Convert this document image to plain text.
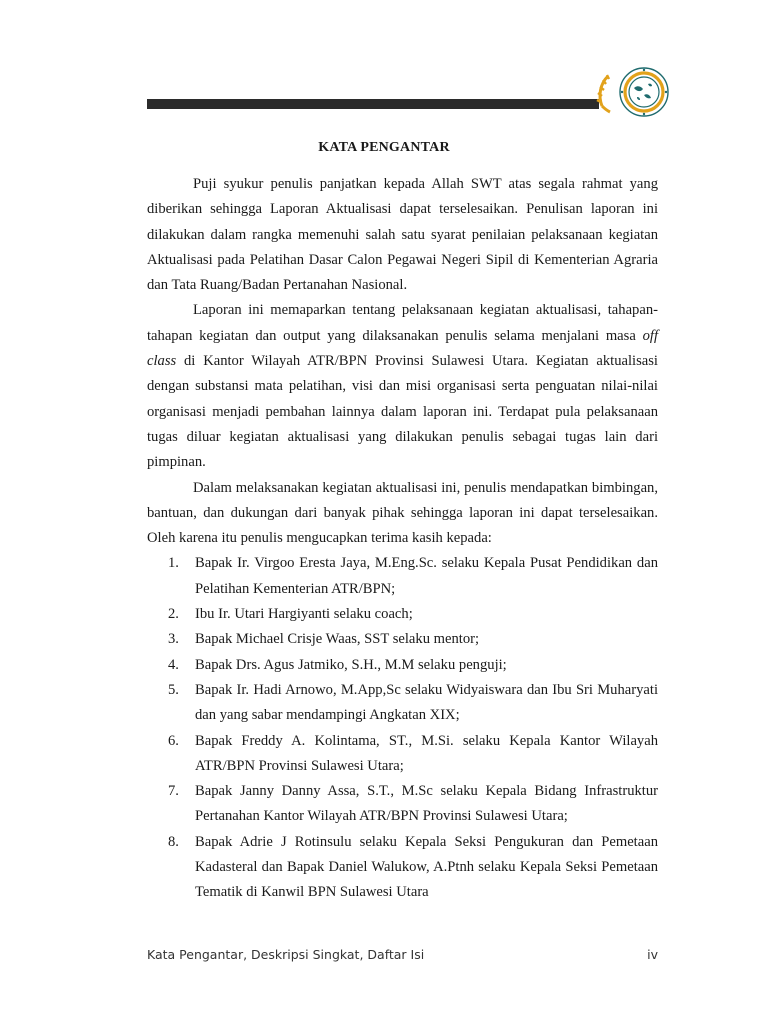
KATA PENGANTAR

Puji syukur penulis panjatkan kepada Allah SWT atas segala rahmat yang diberikan sehingga Laporan Aktualisasi dapat terselesaikan. Penulisan laporan ini dilakukan dalam rangka memenuhi salah satu syarat penilaian pelaksanaan kegiatan Aktualisasi pada Pelatihan Dasar Calon Pegawai Negeri Sipil di Kementerian Agraria dan Tata Ruang/Badan Pertanahan Nasional.

Laporan ini memaparkan tentang pelaksanaan kegiatan aktualisasi, tahapan-tahapan kegiatan dan output yang dilaksanakan penulis selama menjalani masa off class di Kantor Wilayah ATR/BPN Provinsi Sulawesi Utara. Kegiatan aktualisasi dengan substansi mata pelatihan, visi dan misi organisasi serta penguatan nilai-nilai organisasi menjadi pembahan lainnya dalam laporan ini. Terdapat pula pelaksanaan tugas diluar kegiatan aktualisasi yang dilakukan penulis sebagai tugas lain dari pimpinan.

Dalam melaksanakan kegiatan aktualisasi ini, penulis mendapatkan bimbingan, bantuan, dan dukungan dari banyak pihak sehingga laporan ini dapat terselesaikan. Oleh karena itu penulis mengucapkan terima kasih kepada:

1. Bapak Ir. Virgoo Eresta Jaya, M.Eng.Sc. selaku Kepala Pusat Pendidikan dan Pelatihan Kementerian ATR/BPN;
2. Ibu Ir. Utari Hargiyanti selaku coach;
3. Bapak Michael Crisje Waas, SST selaku mentor;
4. Bapak Drs. Agus Jatmiko, S.H., M.M selaku penguji;
5. Bapak Ir. Hadi Arnowo, M.App,Sc selaku Widyaiswara dan Ibu Sri Muharyati dan yang sabar mendampingi Angkatan XIX;
6. Bapak Freddy A. Kolintama, ST., M.Si. selaku Kepala Kantor Wilayah ATR/BPN Provinsi Sulawesi Utara;
7. Bapak Janny Danny Assa, S.T., M.Sc selaku Kepala Bidang Infrastruktur Pertanahan Kantor Wilayah ATR/BPN Provinsi Sulawesi Utara;
8. Bapak Adrie J Rotinsulu selaku Kepala Seksi Pengukuran dan Pemetaan Kadasteral dan Bapak Daniel Walukow, A.Ptnh selaku Kepala Seksi Pemetaan Tematik di Kanwil BPN Sulawesi Utara
Kata Pengantar, Deskripsi Singkat, Daftar Isi	iv
